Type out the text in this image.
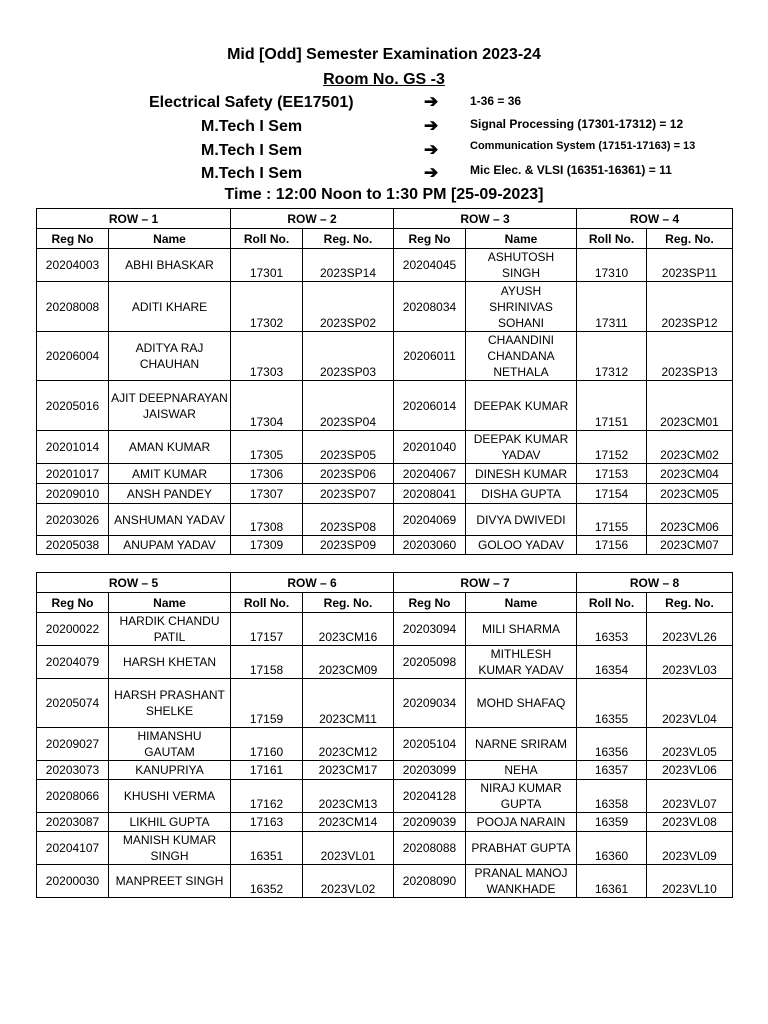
Mid [Odd] Semester Examination 2023-24
Room No. GS -3
Electrical Safety (EE17501)	➔	1-36 = 36
M.Tech I Sem	➔	Signal Processing (17301-17312) = 12
M.Tech I Sem	➔	Communication System (17151-17163) = 13
M.Tech I Sem	➔	Mic Elec. & VLSI (16351-16361) = 11
Time : 12:00 Noon to 1:30 PM [25-09-2023]
ROW – 1		ROW – 2		ROW – 3		ROW – 4	
Reg No	Name	Roll No.	Reg. No.	Reg No	Name	Roll No.	Reg. No.
20204003	ABHI BHASKAR	17301	2023SP14	20204045	ASHUTOSH SINGH	17310	2023SP11
20208008	ADITI KHARE	17302	2023SP02	20208034	AYUSH SHRINIVAS SOHANI	17311	2023SP12
20206004	ADITYA RAJ CHAUHAN	17303	2023SP03	20206011	CHAANDINI CHANDANA NETHALA	17312	2023SP13
20205016	AJIT DEEPNARAYAN JAISWAR	17304	2023SP04	20206014	DEEPAK KUMAR	17151	2023CM01
20201014	AMAN KUMAR	17305	2023SP05	20201040	DEEPAK KUMAR YADAV	17152	2023CM02
20201017	AMIT KUMAR	17306	2023SP06	20204067	DINESH KUMAR	17153	2023CM04
20209010	ANSH PANDEY	17307	2023SP07	20208041	DISHA GUPTA	17154	2023CM05
20203026	ANSHUMAN YADAV	17308	2023SP08	20204069	DIVYA DWIVEDI	17155	2023CM06
20205038	ANUPAM YADAV	17309	2023SP09	20203060	GOLOO YADAV	17156	2023CM07
ROW – 5		ROW – 6		ROW – 7		ROW – 8	
Reg No	Name	Roll No.	Reg. No.	Reg No	Name	Roll No.	Reg. No.
20200022	HARDIK CHANDU PATIL	17157	2023CM16	20203094	MILI SHARMA	16353	2023VL26
20204079	HARSH KHETAN	17158	2023CM09	20205098	MITHLESH KUMAR YADAV	16354	2023VL03
20205074	HARSH PRASHANT SHELKE	17159	2023CM11	20209034	MOHD SHAFAQ	16355	2023VL04
20209027	HIMANSHU GAUTAM	17160	2023CM12	20205104	NARNE SRIRAM	16356	2023VL05
20203073	KANUPRIYA	17161	2023CM17	20203099	NEHA	16357	2023VL06
20208066	KHUSHI VERMA	17162	2023CM13	20204128	NIRAJ KUMAR GUPTA	16358	2023VL07
20203087	LIKHIL GUPTA	17163	2023CM14	20209039	POOJA NARAIN	16359	2023VL08
20204107	MANISH KUMAR SINGH	16351	2023VL01	20208088	PRABHAT GUPTA	16360	2023VL09
20200030	MANPREET SINGH	16352	2023VL02	20208090	PRANAL MANOJ WANKHADE	16361	2023VL10
